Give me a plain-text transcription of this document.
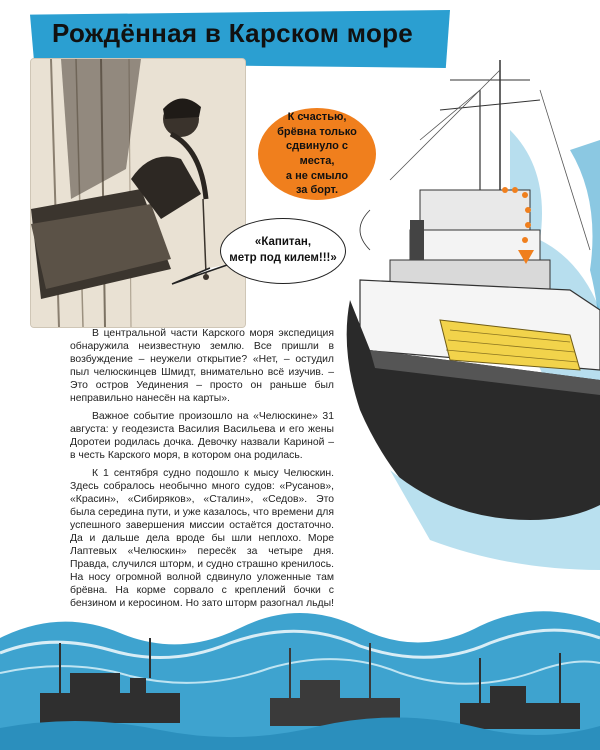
Рождённая в Карском море
«Капитан,
метр под килем!!!»
К счастью,
брёвна только
сдвинуло с места,
а не смыло
за борт.

В центральной части Карского моря экспедиция обнаружила неизвестную землю. Все пришли в возбуждение – неужели открытие? «Нет, – остудил пыл челюскинцев Шмидт, внимательно всё изучив. – Это остров Уединения – просто он раньше был неправильно нанесён на карты».

Важное событие произошло на «Челюскине» 31 августа: у геодезиста Василия Васильева и его жены Доротеи родилась дочка. Девочку назвали Кариной – в честь Карского моря, в котором она родилась.

К 1 сентября судно подошло к мысу Челюскин. Здесь собралось необычно много судов: «Русанов», «Красин», «Сибиряков», «Сталин», «Седов». Это была середина пути, и уже казалось, что времени для успешного завершения миссии остаётся достаточно. Да и дальше дела вроде бы шли неплохо. Море Лаптевых «Челюскин» пересёк за четыре дня. Правда, случился шторм, и судно страшно кренилось. На носу огромной волной сдвинуло уложенные там брёвна. На корме сорвало с креплений бочки с бензином и керосином. Но зато шторм разогнал льды!
